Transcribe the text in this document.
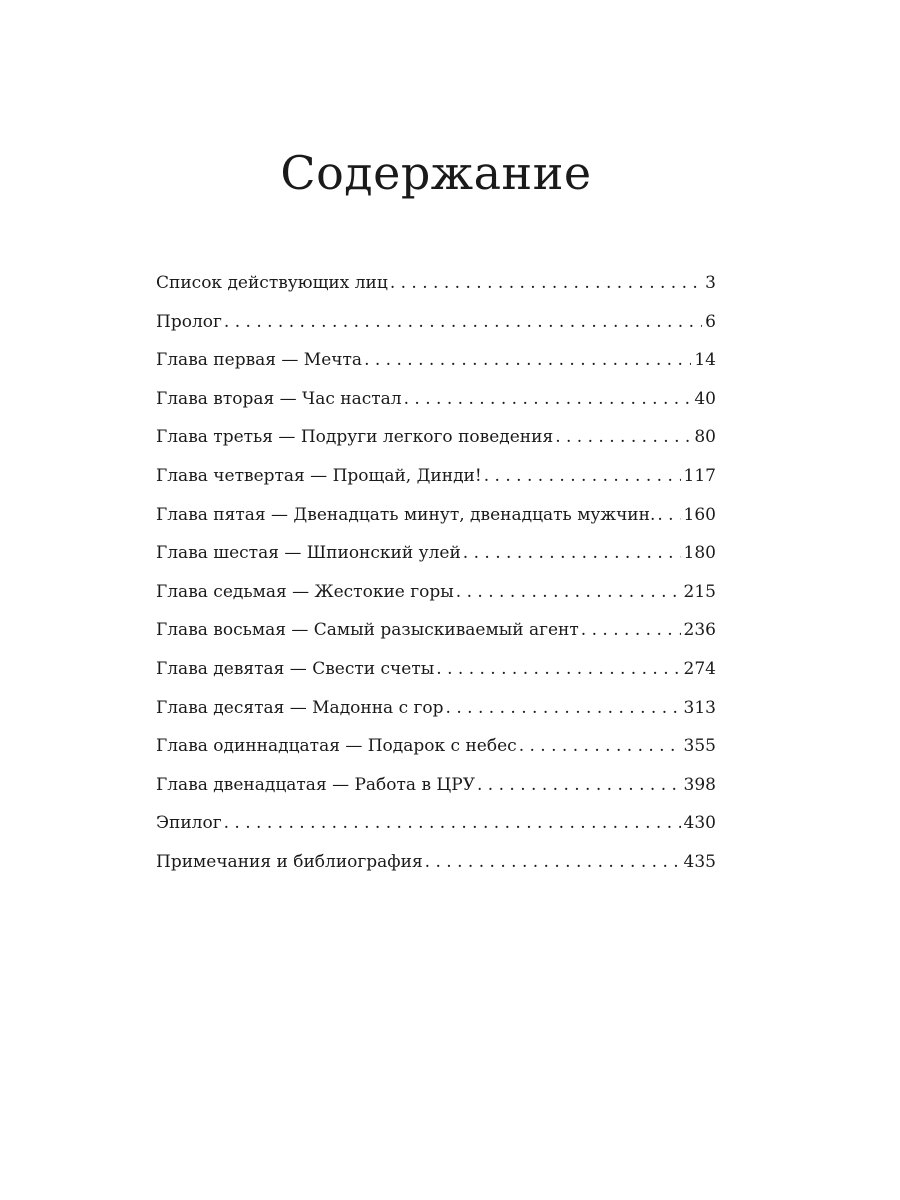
Содержание
Список действующих лиц . . .	3
Пролог . . .	6
Глава первая — Мечта . . .	14
Глава вторая — Час настал . . .	40
Глава третья — Подруги легкого поведения . . .	80
Глава четвертая — Прощай, Динди! . . .	117
Глава пятая — Двенадцать минут, двенадцать мужчин. . . . 160
Глава шестая — Шпионский улей . . .	180
Глава седьмая — Жестокие горы . . .	215
Глава восьмая — Самый разыскиваемый агент . . .	236
Глава девятая — Свести счеты . . .	274
Глава десятая — Мадонна с гор . . .	313
Глава одиннадцатая — Подарок с небес . . .	355
Глава двенадцатая — Работа в ЦРУ . . .	398
Эпилог . . .	430
Примечания и библиография . . .	435
